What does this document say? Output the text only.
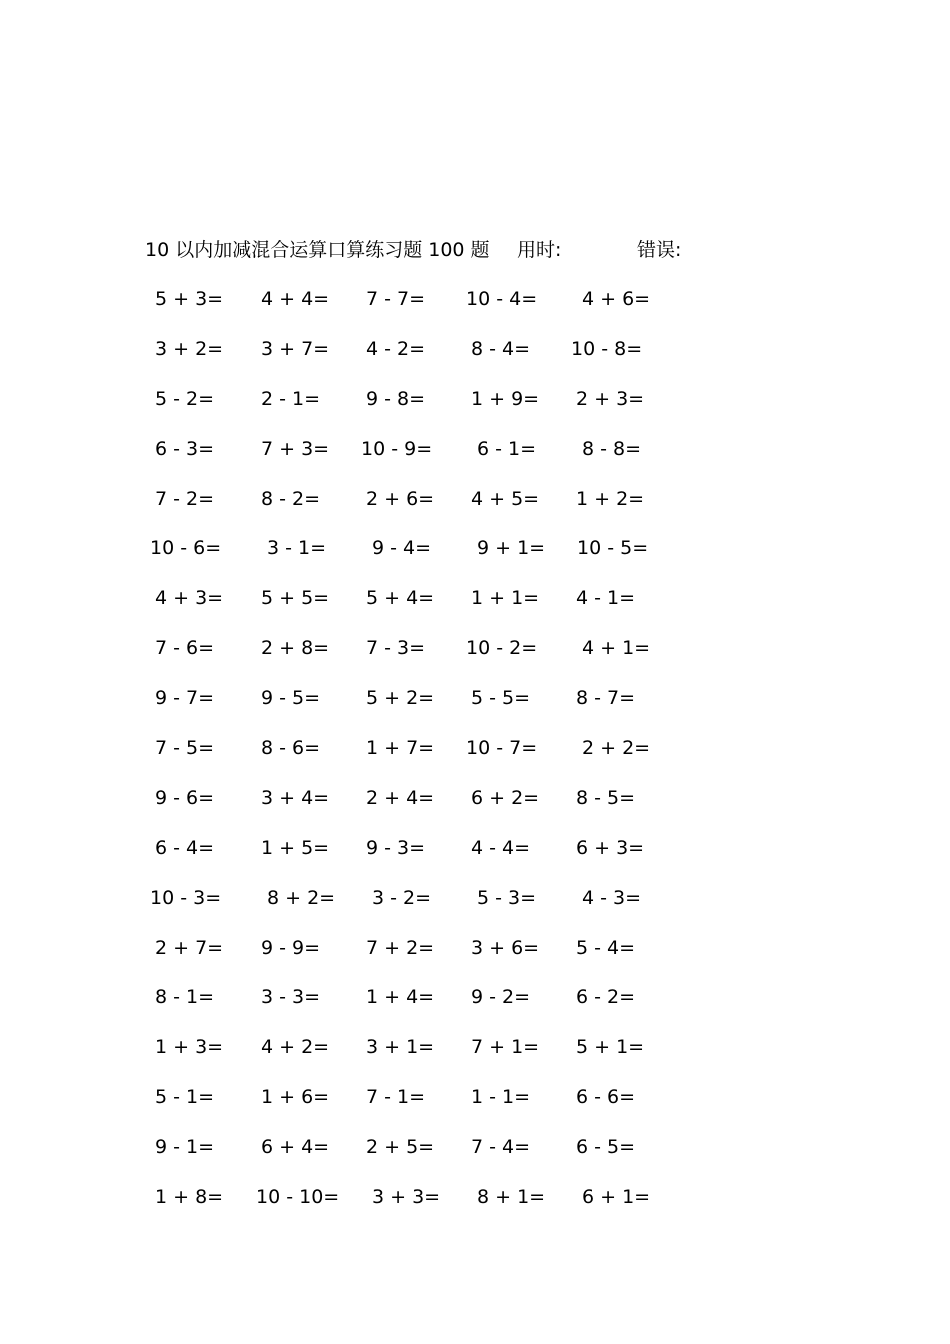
10 以内加减混合运算口算练习题 100 题 用时:	错误:
5 + 3= 4 + 4= 7 - 7= 10 - 4= 4 + 6=
3 + 2= 3 + 7= 4 - 2= 8 - 4= 10 - 8=
5 - 2= 2 - 1= 9 - 8= 1 + 9= 2 + 3=
6 - 3= 7 + 3= 10 - 9= 6 - 1= 8 - 8=
7 - 2= 8 - 2= 2 + 6= 4 + 5= 1 + 2=
10 - 6= 3 - 1= 9 - 4= 9 + 1= 10 - 5=
4 + 3= 5 + 5= 5 + 4= 1 + 1= 4 - 1=
7 - 6= 2 + 8= 7 - 3= 10 - 2= 4 + 1=
9 - 7= 9 - 5= 5 + 2= 5 - 5= 8 - 7=
7 - 5= 8 - 6= 1 + 7= 10 - 7= 2 + 2=
9 - 6= 3 + 4= 2 + 4= 6 + 2= 8 - 5=
6 - 4= 1 + 5= 9 - 3= 4 - 4= 6 + 3=
10 - 3= 8 + 2= 3 - 2= 5 - 3= 4 - 3=
2 + 7= 9 - 9= 7 + 2= 3 + 6= 5 - 4=
8 - 1= 3 - 3= 1 + 4= 9 - 2= 6 - 2=
1 + 3= 4 + 2= 3 + 1= 7 + 1= 5 + 1=
5 - 1= 1 + 6= 7 - 1= 1 - 1= 6 - 6=
9 - 1= 6 + 4= 2 + 5= 7 - 4= 6 - 5=
1 + 8= 10 - 10= 3 + 3= 8 + 1= 6 + 1=
